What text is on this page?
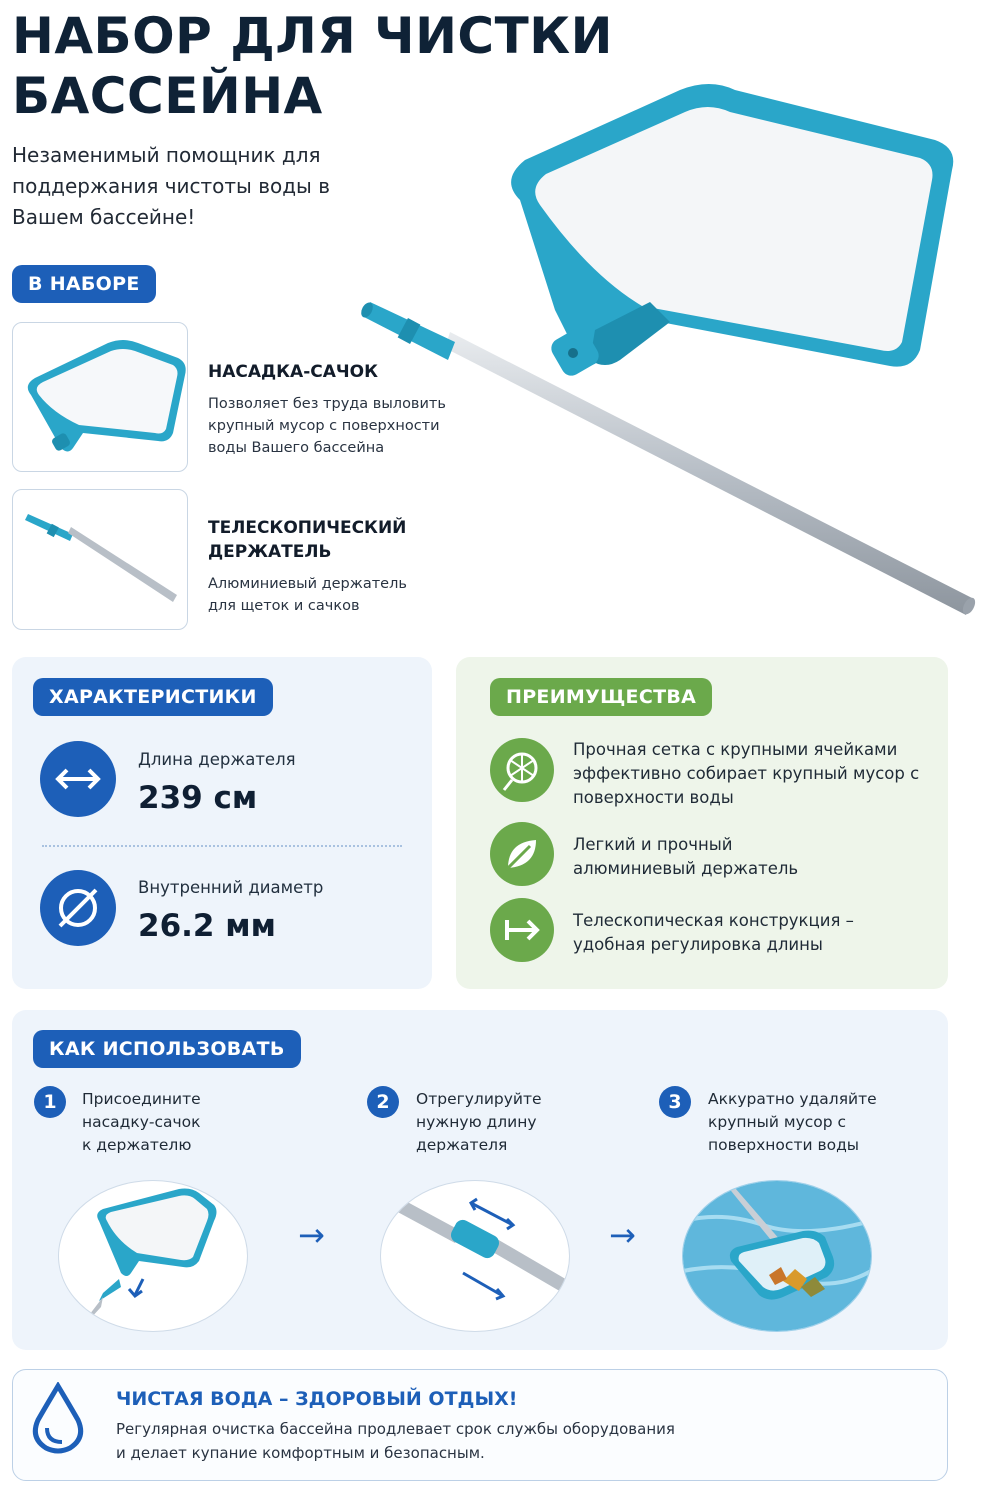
НАБОР ДЛЯ ЧИСТКИ
БАССЕЙНА

Незаменимый помощник для поддержания чистоты воды в Вашем бассейне!

В НАБОРЕ

НАСАДКА-САЧОК

Позволяет без труда выловить крупный мусор с поверхности воды Вашего бассейна

ТЕЛЕСКОПИЧЕСКИЙ
ДЕРЖАТЕЛЬ

Алюминиевый держатель для щеток и сачков

ХАРАКТЕРИСТИКИ
Длина держателя
239 см
Внутренний диаметр
26.2 мм
ПРЕИМУЩЕСТВА

Прочная сетка с крупными ячейками эффективно собирает крупный мусор с поверхности воды

Легкий и прочный алюминиевый держатель

Телескопическая конструкция – удобная регулировка длины

КАК ИСПОЛЬЗОВАТЬ
1	Присоедините
насадку-сачок
к держателю

→
2	Отрегулируйте
нужную длину
держателя

→
3	Аккуратно удаляйте
крупный мусор с
поверхности воды

ЧИСТАЯ ВОДА – ЗДОРОВЫЙ ОТДЫХ!

Регулярная очистка бассейна продлевает срок службы оборудования
и делает купание комфортным и безопасным.
